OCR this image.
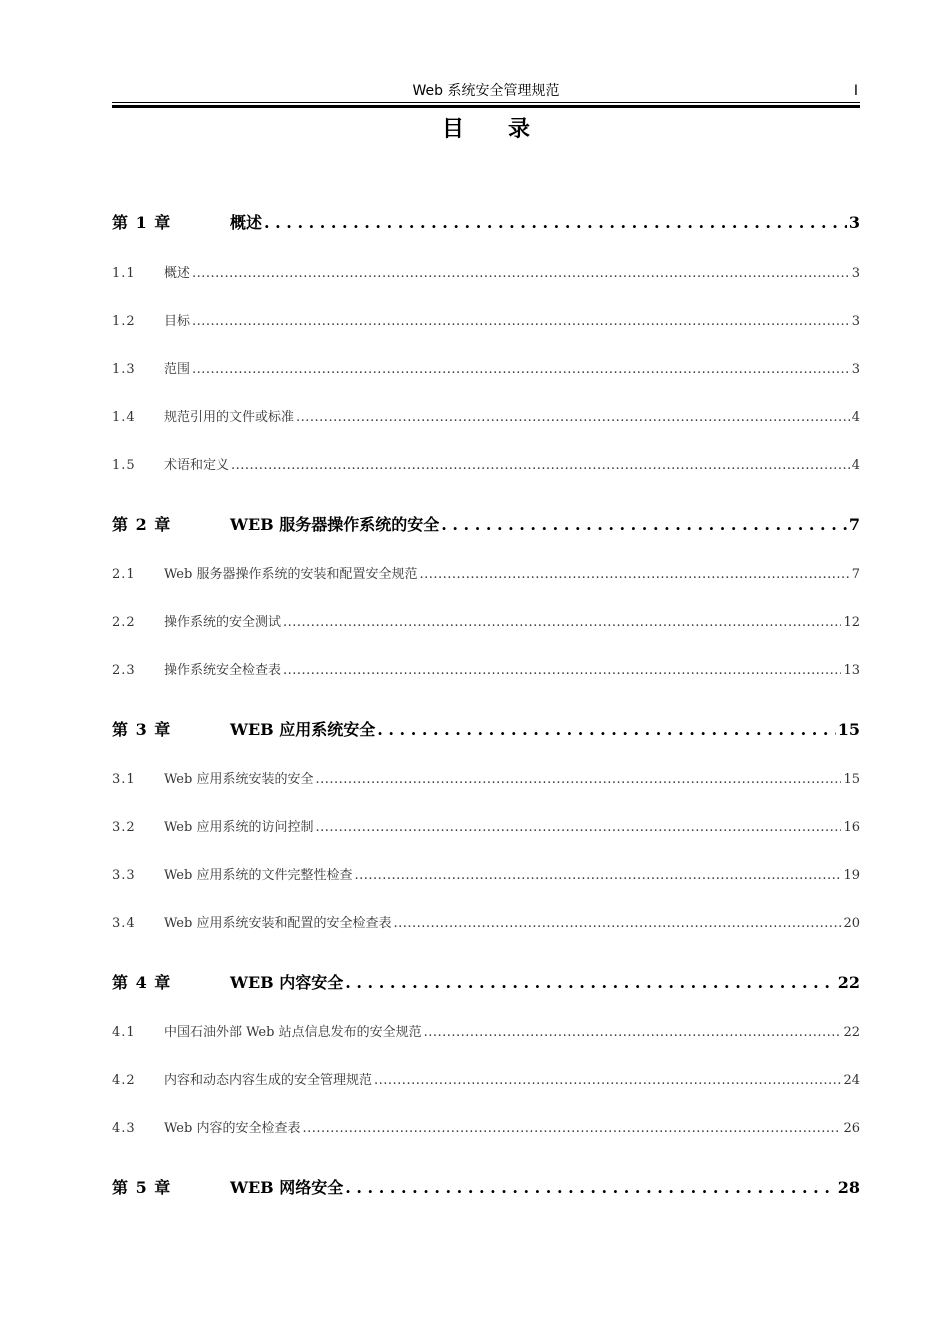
Web 系统安全管理规范	I
目录
第 1 章	概述 . . .	3
1.1	概述 .....	3
1.2	目标 .....	3
1.3	范围 .....	3
1.4	规范引用的文件或标准 .....	4
1.5	术语和定义 .....	4
第 2 章	WEB 服务器操作系统的安全 . . .	7
2.1	Web 服务器操作系统的安装和配置安全规范 .....	7
2.2	操作系统的安全测试 .....	12
2.3	操作系统安全检查表 .....	13
第 3 章	WEB 应用系统安全 . . .	15
3.1	Web 应用系统安装的安全 .....	15
3.2	Web 应用系统的访问控制 .....	16
3.3	Web 应用系统的文件完整性检查 .....	19
3.4	Web 应用系统安装和配置的安全检查表 .....	20
第 4 章	WEB 内容安全 . . .	22
4.1	中国石油外部 Web 站点信息发布的安全规范 .....	22
4.2	内容和动态内容生成的安全管理规范 .....	24
4.3	Web 内容的安全检查表 .....	26
第 5 章	WEB 网络安全 . . .	28
